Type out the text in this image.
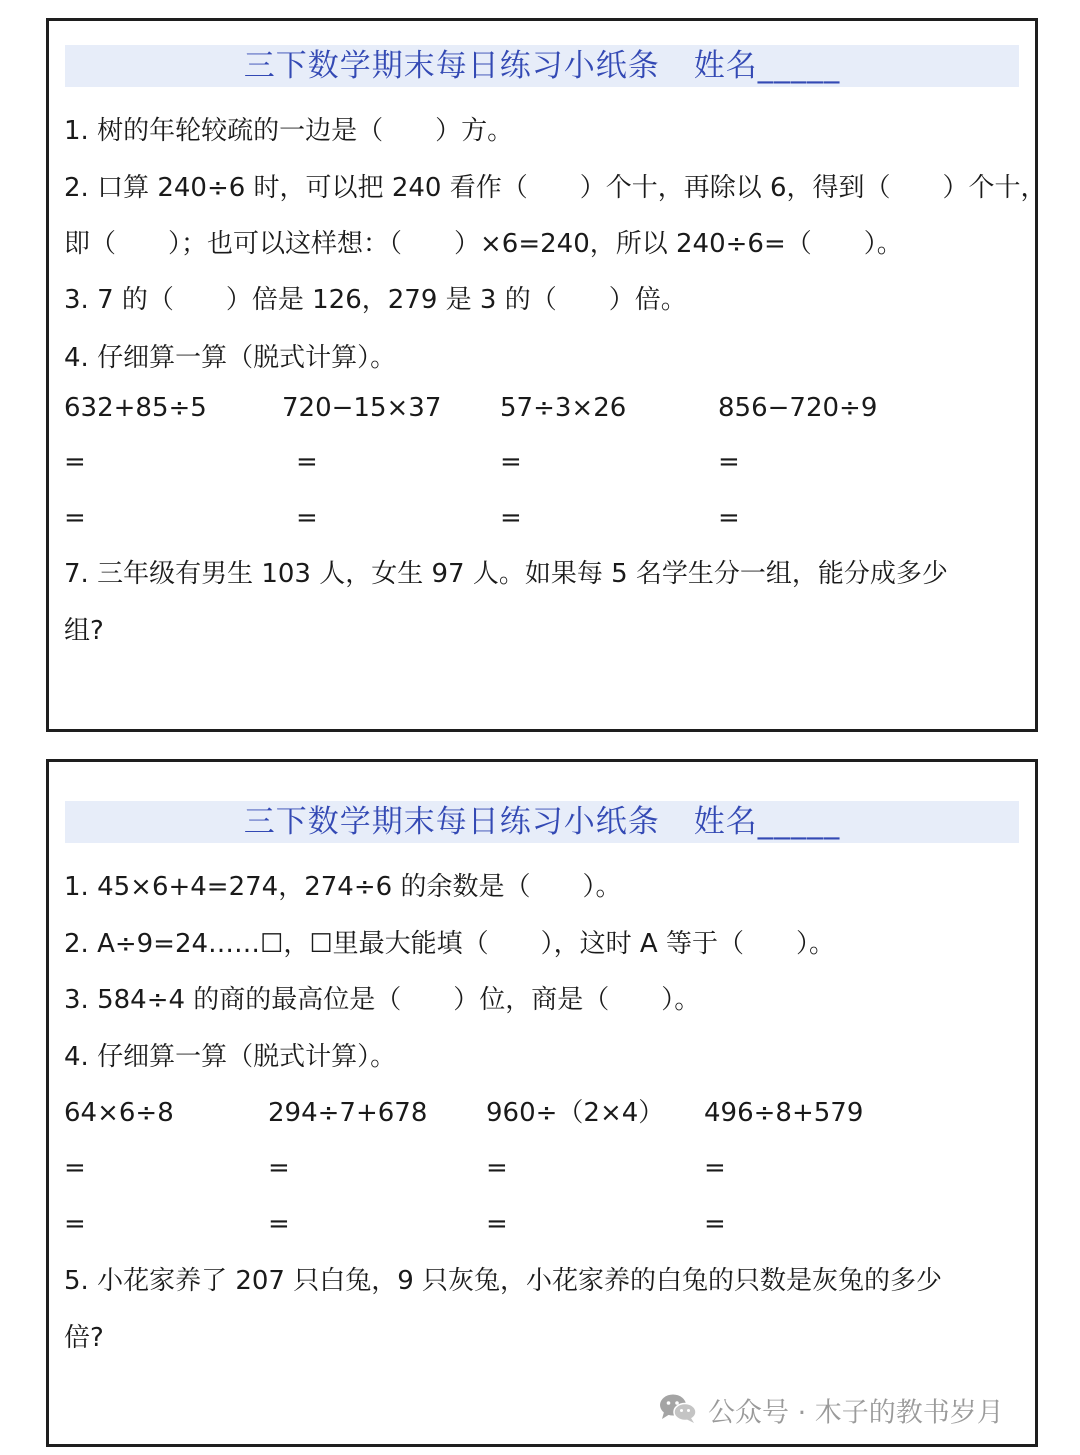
三下数学期末每日练习小纸条 姓名_____
1. 树的年轮较疏的一边是（　　）方。
2. 口算 240÷6 时，可以把 240 看作（　　）个十，再除以 6，得到（　　）个十，
即（　　）；也可以这样想：（　　）×6=240，所以 240÷6=（　　）。
3. 7 的（　　）倍是 126，279 是 3 的（　　）倍。
4. 仔细算一算（脱式计算）。
632+85÷5	720−15×37 57÷3×26	856−720÷9
=	=	=	=
=	=	=	=
7. 三年级有男生 103 人，女生 97 人。如果每 5 名学生分一组，能分成多少
组?
三下数学期末每日练习小纸条 姓名_____
1. 45×6+4=274，274÷6 的余数是（　　）。
2. A÷9=24……☐，☐里最大能填（　　），这时 A 等于（　　）。
3. 584÷4 的商的最高位是（　　）位，商是（　　）。
4. 仔细算一算（脱式计算）。
64×6÷8	294÷7+678 960÷（2×4） 496÷8+579
=	=	=	=
=	=	=	=
5. 小花家养了 207 只白兔，9 只灰兔，小花家养的白兔的只数是灰兔的多少
倍?
公众号 · 木子的教书岁月
